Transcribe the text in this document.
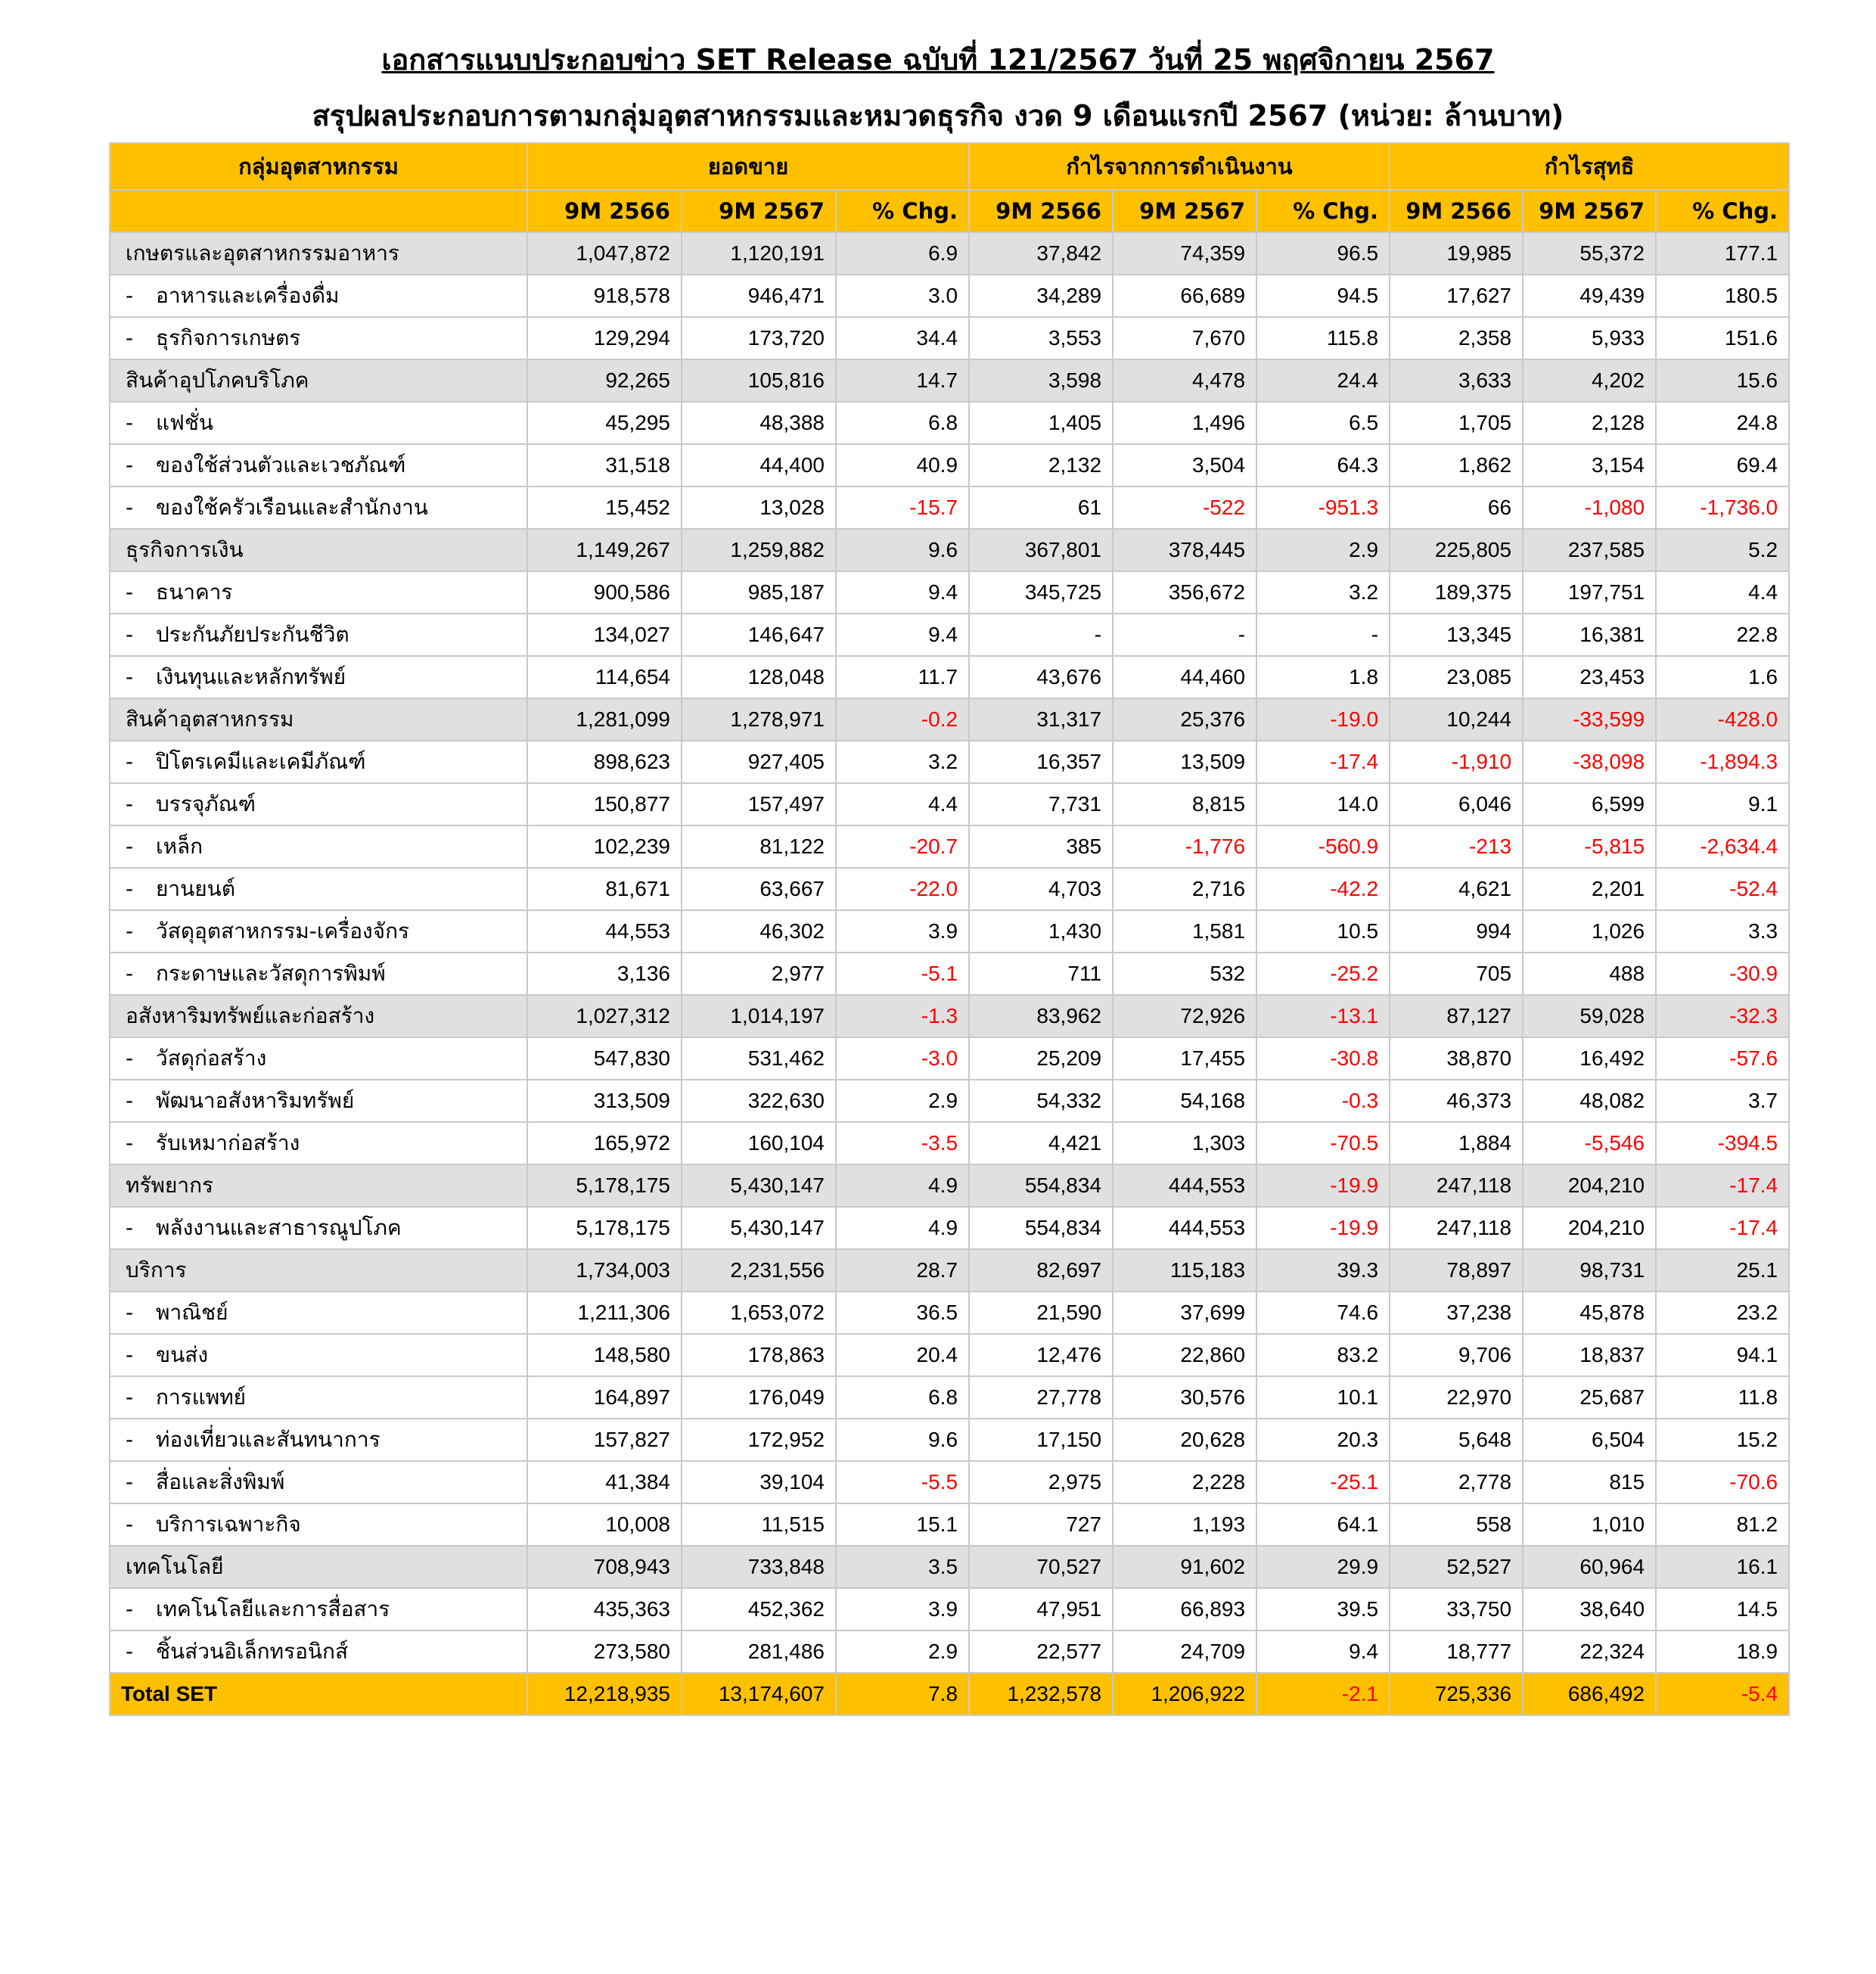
เอกสารแนบประกอบข่าว SET Release ฉบับที่ 121/2567 วันที่ 25 พฤศจิกายน 2567
สรุปผลประกอบการตามกลุ่มอุตสาหกรรมและหมวดธุรกิจ งวด 9 เดือนแรกปี 2567 (หน่วย: ล้านบาท)
กลุ่มอุตสาหกรรม	ยอดขาย			กำไรจากการดำเนินงาน			กำไรสุทธิ		
	9M 2566	9M 2567	% Chg.	9M 2566	9M 2567	% Chg.	9M 2566	9M 2567	% Chg.
เกษตรและอุตสาหกรรมอาหาร	1,047,872	1,120,191	6.9	37,842	74,359	96.5	19,985	55,372	177.1
- อาหารและเครื่องดื่ม	918,578	946,471	3.0	34,289	66,689	94.5	17,627	49,439	180.5
- ธุรกิจการเกษตร	129,294	173,720	34.4	3,553	7,670	115.8	2,358	5,933	151.6
สินค้าอุปโภคบริโภค	92,265	105,816	14.7	3,598	4,478	24.4	3,633	4,202	15.6
- แฟชั่น	45,295	48,388	6.8	1,405	1,496	6.5	1,705	2,128	24.8
- ของใช้ส่วนตัวและเวชภัณฑ์	31,518	44,400	40.9	2,132	3,504	64.3	1,862	3,154	69.4
- ของใช้ครัวเรือนและสำนักงาน	15,452	13,028	-15.7	61	-522	-951.3	66	-1,080	-1,736.0
ธุรกิจการเงิน	1,149,267	1,259,882	9.6	367,801	378,445	2.9	225,805	237,585	5.2
- ธนาคาร	900,586	985,187	9.4	345,725	356,672	3.2	189,375	197,751	4.4
- ประกันภัยประกันชีวิต	134,027	146,647	9.4	-	-	-	13,345	16,381	22.8
- เงินทุนและหลักทรัพย์	114,654	128,048	11.7	43,676	44,460	1.8	23,085	23,453	1.6
สินค้าอุตสาหกรรม	1,281,099	1,278,971	-0.2	31,317	25,376	-19.0	10,244	-33,599	-428.0
- ปิโตรเคมีและเคมีภัณฑ์	898,623	927,405	3.2	16,357	13,509	-17.4	-1,910	-38,098	-1,894.3
- บรรจุภัณฑ์	150,877	157,497	4.4	7,731	8,815	14.0	6,046	6,599	9.1
- เหล็ก	102,239	81,122	-20.7	385	-1,776	-560.9	-213	-5,815	-2,634.4
- ยานยนต์	81,671	63,667	-22.0	4,703	2,716	-42.2	4,621	2,201	-52.4
- วัสดุอุตสาหกรรม-เครื่องจักร	44,553	46,302	3.9	1,430	1,581	10.5	994	1,026	3.3
- กระดาษและวัสดุการพิมพ์	3,136	2,977	-5.1	711	532	-25.2	705	488	-30.9
อสังหาริมทรัพย์และก่อสร้าง	1,027,312	1,014,197	-1.3	83,962	72,926	-13.1	87,127	59,028	-32.3
- วัสดุก่อสร้าง	547,830	531,462	-3.0	25,209	17,455	-30.8	38,870	16,492	-57.6
- พัฒนาอสังหาริมทรัพย์	313,509	322,630	2.9	54,332	54,168	-0.3	46,373	48,082	3.7
- รับเหมาก่อสร้าง	165,972	160,104	-3.5	4,421	1,303	-70.5	1,884	-5,546	-394.5
ทรัพยากร	5,178,175	5,430,147	4.9	554,834	444,553	-19.9	247,118	204,210	-17.4
- พลังงานและสาธารณูปโภค	5,178,175	5,430,147	4.9	554,834	444,553	-19.9	247,118	204,210	-17.4
บริการ	1,734,003	2,231,556	28.7	82,697	115,183	39.3	78,897	98,731	25.1
- พาณิชย์	1,211,306	1,653,072	36.5	21,590	37,699	74.6	37,238	45,878	23.2
- ขนส่ง	148,580	178,863	20.4	12,476	22,860	83.2	9,706	18,837	94.1
- การแพทย์	164,897	176,049	6.8	27,778	30,576	10.1	22,970	25,687	11.8
- ท่องเที่ยวและสันทนาการ	157,827	172,952	9.6	17,150	20,628	20.3	5,648	6,504	15.2
- สื่อและสิ่งพิมพ์	41,384	39,104	-5.5	2,975	2,228	-25.1	2,778	815	-70.6
- บริการเฉพาะกิจ	10,008	11,515	15.1	727	1,193	64.1	558	1,010	81.2
เทคโนโลยี	708,943	733,848	3.5	70,527	91,602	29.9	52,527	60,964	16.1
- เทคโนโลยีและการสื่อสาร	435,363	452,362	3.9	47,951	66,893	39.5	33,750	38,640	14.5
- ชิ้นส่วนอิเล็กทรอนิกส์	273,580	281,486	2.9	22,577	24,709	9.4	18,777	22,324	18.9
Total SET	12,218,935	13,174,607	7.8	1,232,578	1,206,922	-2.1	725,336	686,492	-5.4
